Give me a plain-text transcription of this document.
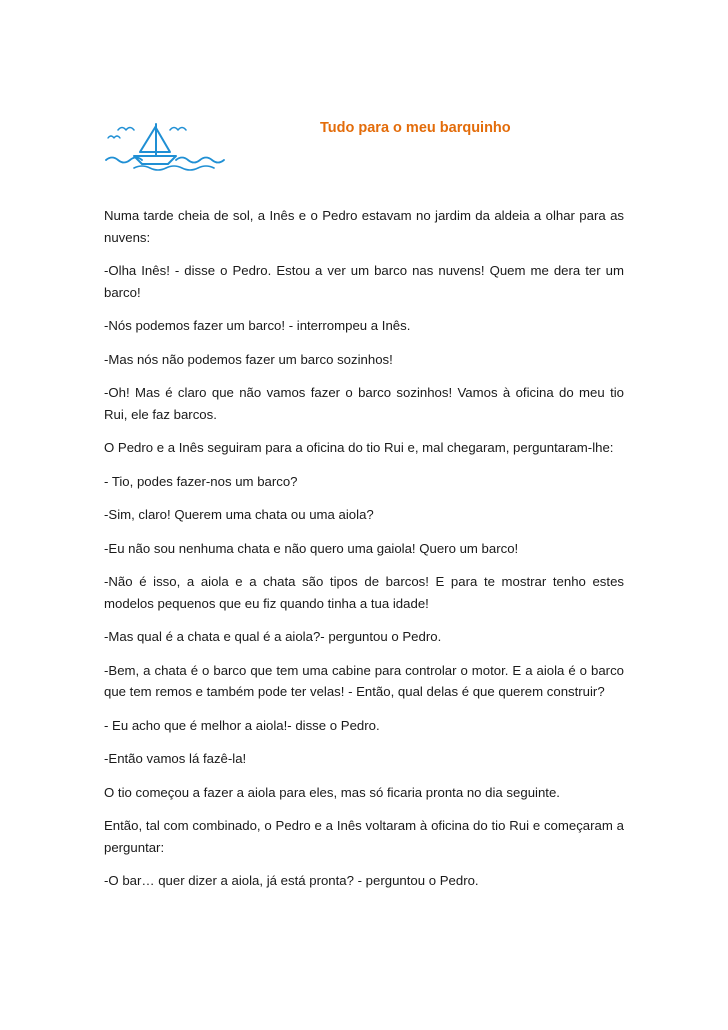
Tudo para o meu barquinho

Numa tarde cheia de sol, a Inês e o Pedro estavam no jardim da aldeia a olhar para as nuvens:

-Olha Inês! - disse o Pedro. Estou a ver um barco nas nuvens! Quem me dera ter um barco!

-Nós podemos fazer um barco! - interrompeu a Inês.

-Mas nós não podemos fazer um barco sozinhos!

-Oh! Mas é claro que não vamos fazer o barco sozinhos! Vamos à oficina do meu tio Rui, ele faz barcos.

O Pedro e a Inês seguiram para a oficina do tio Rui e, mal chegaram, perguntaram-lhe:

- Tio, podes fazer-nos um barco?

-Sim, claro! Querem uma chata ou uma aiola?

-Eu não sou nenhuma chata e não quero uma gaiola! Quero um barco!

-Não é isso, a aiola e a chata são tipos de barcos! E para te mostrar tenho estes modelos pequenos que eu fiz quando tinha a tua idade!

-Mas qual é a chata e qual é a aiola?- perguntou o Pedro.

-Bem, a chata é o barco que tem uma cabine para controlar o motor. E a aiola é o barco que tem remos e também pode ter velas! - Então, qual delas é que querem construir?

- Eu acho que é melhor a aiola!- disse o Pedro.

-Então vamos lá fazê-la!

O tio começou a fazer a aiola para eles, mas só ficaria pronta no dia seguinte.

Então, tal com combinado, o Pedro e a Inês voltaram à oficina do tio Rui e começaram a perguntar:

-O bar… quer dizer a aiola, já está pronta? - perguntou o Pedro.
